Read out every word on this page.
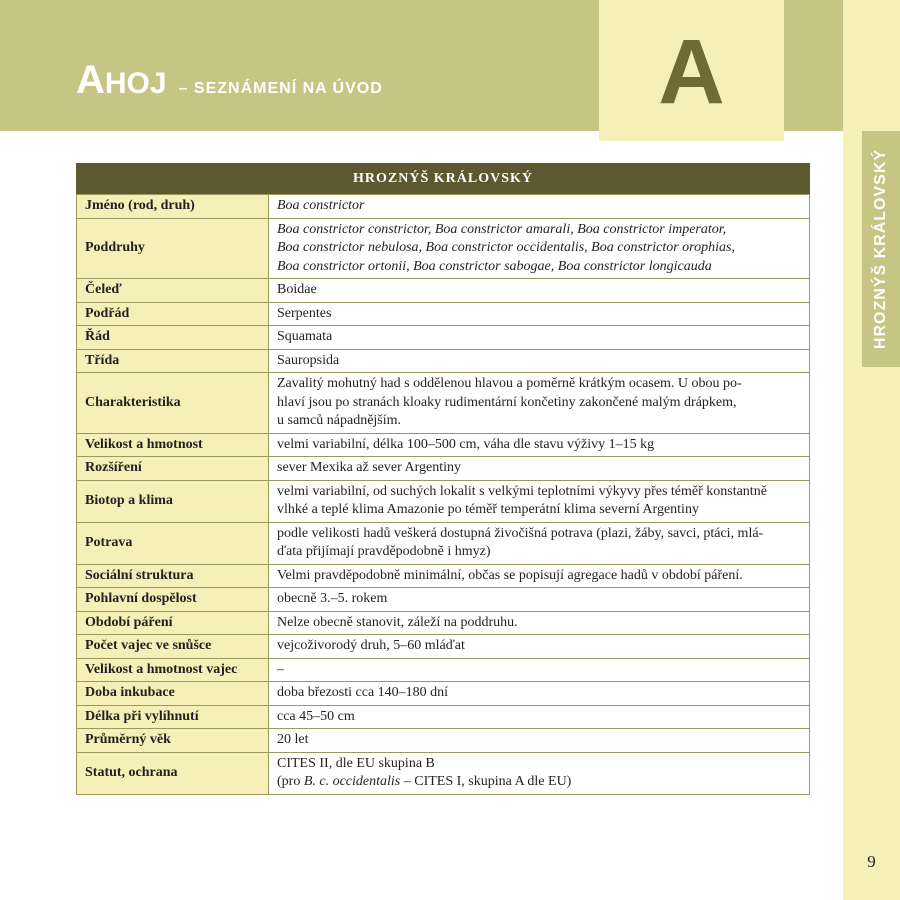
AHOJ – SEZNÁMENÍ NA ÚVOD	A
HROZNÝŠ KRÁLOVSKÝ
9
HROZNÝŠ KRÁLOVSKÝ
Jméno (rod, druh)	Boa constrictor
Poddruhy	Boa constrictor constrictor, Boa constrictor amarali, Boa constrictor imperator,
Boa constrictor nebulosa, Boa constrictor occidentalis, Boa constrictor orophias,
Boa constrictor ortonii, Boa constrictor sabogae, Boa constrictor longicauda
Čeleď	Boidae
Podřád	Serpentes
Řád	Squamata
Třída	Sauropsida
Charakteristika	Zavalitý mohutný had s oddělenou hlavou a poměrně krátkým ocasem. U obou po-
hlaví jsou po stranách kloaky rudimentární končetiny zakončené malým drápkem,
u samců nápadnějším.
Velikost a hmotnost	velmi variabilní, délka 100–500 cm, váha dle stavu výživy 1–15 kg
Rozšíření	sever Mexika až sever Argentiny
Biotop a klima	velmi variabilní, od suchých lokalit s velkými teplotními výkyvy přes téměř konstantně
vlhké a teplé klima Amazonie po téměř temperátní klima severní Argentiny
Potrava	podle velikosti hadů veškerá dostupná živočišná potrava (plazi, žáby, savci, ptáci, mlá-
ďata přijímají pravděpodobně i hmyz)
Sociální struktura	Velmi pravděpodobně minimální, občas se popisují agregace hadů v období páření.
Pohlavní dospělost	obecně 3.–5. rokem
Období páření	Nelze obecně stanovit, záleží na poddruhu.
Počet vajec ve snůšce	vejcoživorodý druh, 5–60 mláďat
Velikost a hmotnost vajec	–
Doba inkubace	doba březosti cca 140–180 dní
Délka při vylíhnutí	cca 45–50 cm
Průměrný věk	20 let
Statut, ochrana	CITES II, dle EU skupina B
(pro B. c. occidentalis – CITES I, skupina A dle EU)
